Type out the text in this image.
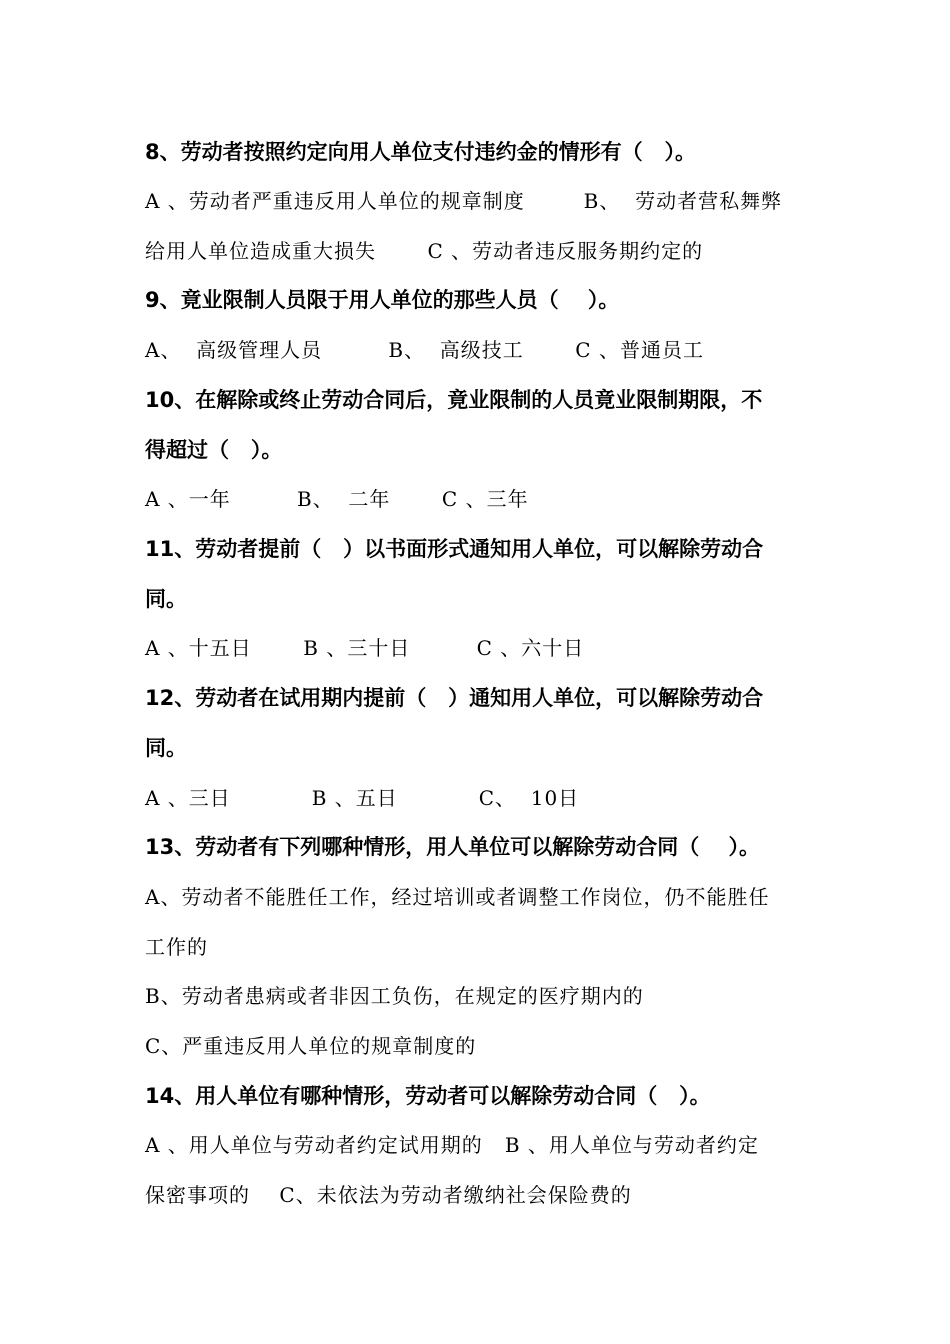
8、劳动者按照约定向用人单位支付违约金的情形有（   ）。
A 、劳动者严重违反用人单位的规章制度        B、  劳动者营私舞弊
给用人单位造成重大损失       C 、劳动者违反服务期约定的
9、竟业限制人员限于用人单位的那些人员（    ）。
A、  高级管理人员         B、  高级技工       C 、普通员工
10、在解除或终止劳动合同后，竟业限制的人员竟业限制期限，不
得超过（   ）。
A 、一年         B、  二年       C 、三年
11、劳动者提前（   ）以书面形式通知用人单位，可以解除劳动合
同。
A 、十五日       B 、三十日         C 、六十日
12、劳动者在试用期内提前（   ）通知用人单位，可以解除劳动合
同。
A 、三日           B 、五日           C、  10日
13、劳动者有下列哪种情形，用人单位可以解除劳动合同（    ）。
A、劳动者不能胜任工作，经过培训或者调整工作岗位，仍不能胜任
工作的
B、劳动者患病或者非因工负伤，在规定的医疗期内的
C、严重违反用人单位的规章制度的
14、用人单位有哪种情形，劳动者可以解除劳动合同（   ）。
A 、用人单位与劳动者约定试用期的   B 、用人单位与劳动者约定
保密事项的    C、未依法为劳动者缴纳社会保险费的
